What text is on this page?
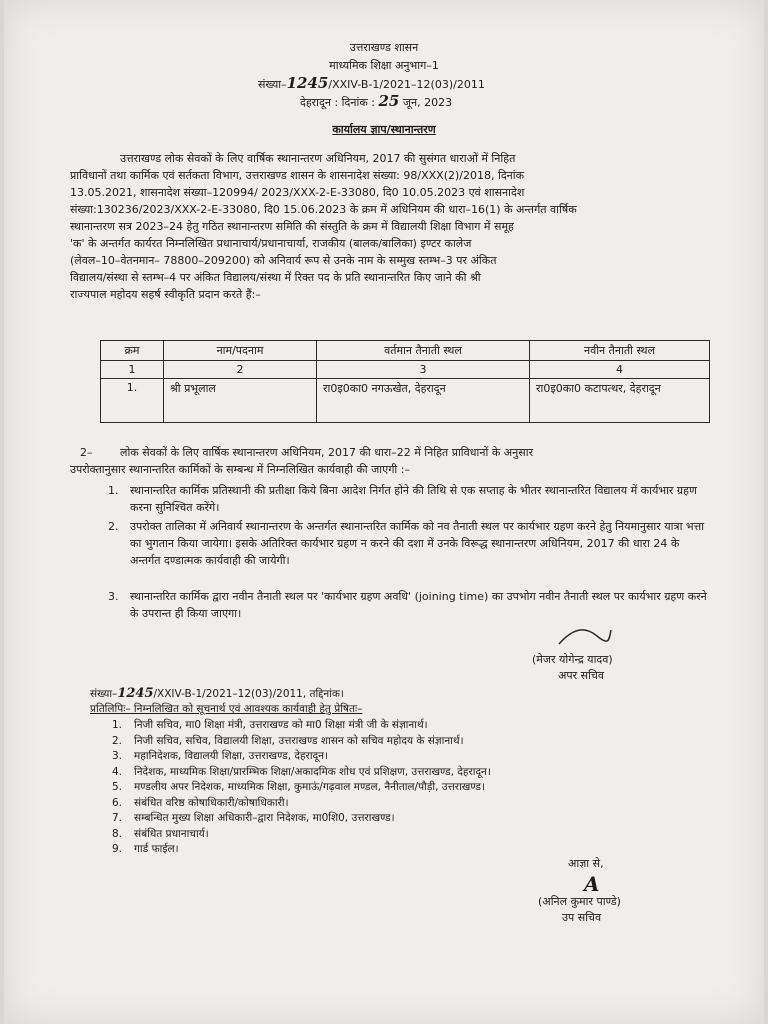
उत्तराखण्ड शासन
माध्यमिक शिक्षा अनुभाग–1
संख्या–1245/XXIV-B-1/2021–12(03)/2011
देहरादून : दिनांक : 25 जून, 2023
कार्यालय ज्ञाप/स्थानान्तरण
उत्तराखण्ड लोक सेवकों के लिए वार्षिक स्थानान्तरण अधिनियम, 2017 की सुसंगत धाराओं में निहित
प्राविधानों तथा कार्मिक एवं सर्तकता विभाग, उत्तराखण्ड शासन के शासनादेश संख्या: 98/XXX(2)/2018, दिनांक
13.05.2021, शासनादेश संख्या–120994/ 2023/XXX-2-E-33080, दि0 10.05.2023 एवं शासनादेश
संख्या:130236/2023/XXX-2-E-33080, दि0 15.06.2023 के क्रम में अधिनियम की धारा–16(1) के अन्तर्गत वार्षिक
स्थानान्तरण सत्र 2023–24 हेतु गठित स्थानान्तरण समिति की संस्तुति के क्रम में विद्यालयी शिक्षा विभाग में समूह
'क' के अन्तर्गत कार्यरत निम्नलिखित प्रधानाचार्य/प्रधानाचार्या, राजकीय (बालक/बालिका) इण्टर कालेज
(लेवल–10–वेतनमान– 78800–209200) को अनिवार्य रूप से उनके नाम के सम्मुख स्तम्भ–3 पर अंकित
विद्यालय/संस्था से स्तम्भ–4 पर अंकित विद्यालय/संस्था में रिक्त पद के प्रति स्थानान्तरित किए जाने की श्री
राज्यपाल महोदय सहर्ष स्वीकृति प्रदान करते हैं:–
क्रम	नाम/पदनाम	वर्तमान तैनाती स्थल	नवीन तैनाती स्थल
1	2	3	4
1.	श्री प्रभूलाल	रा0इ0का0 नगऊखेत, देहरादून	रा0इ0का0 कटापत्थर, देहरादून
2–	लोक सेवकों के लिए वार्षिक स्थानान्तरण अधिनियम, 2017 की धारा–22 में निहित प्राविधानों के अनुसार
उपरोक्तानुसार स्थानान्तरित कार्मिकों के सम्बन्ध में निम्नलिखित कार्यवाही की जाएगी :–
1. स्थानान्तरित कार्मिक प्रतिस्थानी की प्रतीक्षा किये बिना आदेश निर्गत होने की तिथि से एक सप्ताह के भीतर स्थानान्तरित विद्यालय में कार्यभार ग्रहण करना सुनिश्चित करेंगे।
2. उपरोक्त तालिका में अनिवार्य स्थानान्तरण के अन्तर्गत स्थानान्तरित कार्मिक को नव तैनाती स्थल पर कार्यभार ग्रहण करने हेतु नियमानुसार यात्रा भत्ता का भुगतान किया जायेगा। इसके अतिरिक्त कार्यभार ग्रहण न करने की दशा में उनके विरूद्ध स्थानान्तरण अधिनियम, 2017 की धारा 24 के अन्तर्गत दण्डात्मक कार्यवाही की जायेगी।
3. स्थानान्तरित कार्मिक द्वारा नवीन तैनाती स्थल पर 'कार्यभार ग्रहण अवधि' (joining time) का उपभोग नवीन तैनाती स्थल पर कार्यभार ग्रहण करने के उपरान्त ही किया जाएगा।
(मेजर योगेन्द्र यादव)
अपर सचिव
संख्या–1245/XXIV-B-1/2021–12(03)/2011, तद्दिनांक।
प्रतिलिपिः– निम्नलिखित को सूचनार्थ एवं आवश्यक कार्यवाही हेतु प्रेषितः–
1. निजी सचिव, मा0 शिक्षा मंत्री, उत्तराखण्ड को मा0 शिक्षा मंत्री जी के संज्ञानार्थ।
2. निजी सचिव, सचिव, विद्यालयी शिक्षा, उत्तराखण्ड शासन को सचिव महोदय के संज्ञानार्थ।
3. महानिदेशक, विद्यालयी शिक्षा, उत्तराखण्ड, देहरादून।
4. निदेशक, माध्यमिक शिक्षा/प्रारम्भिक शिक्षा/अकादमिक शोध एवं प्रशिक्षण, उत्तराखण्ड, देहरादून।
5. मण्डलीय अपर निदेशक, माध्यमिक शिक्षा, कुमाऊं/गढ़वाल मण्डल, नैनीताल/पौड़ी, उत्तराखण्ड।
6. संबंधित वरिष्ठ कोषाधिकारी/कोषाधिकारी।
7. सम्बन्धित मुख्य शिक्षा अधिकारी–द्वारा निदेशक, मा0शि0, उत्तराखण्ड।
8. संबंधित प्रधानाचार्य।
9. गार्ड फाईल।
आज्ञा से,
A
(अनिल कुमार पाण्डे)
उप सचिव
